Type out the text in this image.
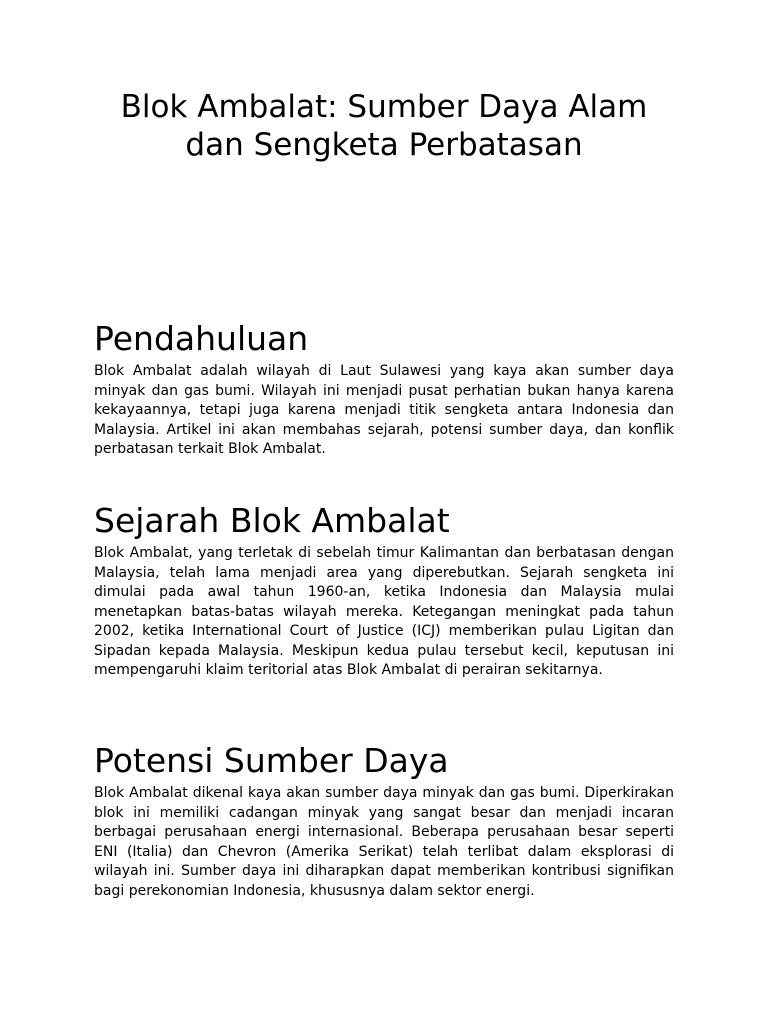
Blok Ambalat: Sumber Daya Alam dan Sengketa Perbatasan
Pendahuluan

Blok Ambalat adalah wilayah di Laut Sulawesi yang kaya akan sumber daya minyak dan gas bumi. Wilayah ini menjadi pusat perhatian bukan hanya karena kekayaannya, tetapi juga karena menjadi titik sengketa antara Indonesia dan Malaysia. Artikel ini akan membahas sejarah, potensi sumber daya, dan konflik perbatasan terkait Blok Ambalat.

Sejarah Blok Ambalat

Blok Ambalat, yang terletak di sebelah timur Kalimantan dan berbatasan dengan Malaysia, telah lama menjadi area yang diperebutkan. Sejarah sengketa ini dimulai pada awal tahun 1960-an, ketika Indonesia dan Malaysia mulai menetapkan batas-batas wilayah mereka. Ketegangan meningkat pada tahun 2002, ketika International Court of Justice (ICJ) memberikan pulau Ligitan dan Sipadan kepada Malaysia. Meskipun kedua pulau tersebut kecil, keputusan ini mempengaruhi klaim teritorial atas Blok Ambalat di perairan sekitarnya.

Potensi Sumber Daya

Blok Ambalat dikenal kaya akan sumber daya minyak dan gas bumi. Diperkirakan blok ini memiliki cadangan minyak yang sangat besar dan menjadi incaran berbagai perusahaan energi internasional. Beberapa perusahaan besar seperti ENI (Italia) dan Chevron (Amerika Serikat) telah terlibat dalam eksplorasi di wilayah ini. Sumber daya ini diharapkan dapat memberikan kontribusi signifikan bagi perekonomian Indonesia, khususnya dalam sektor energi.
